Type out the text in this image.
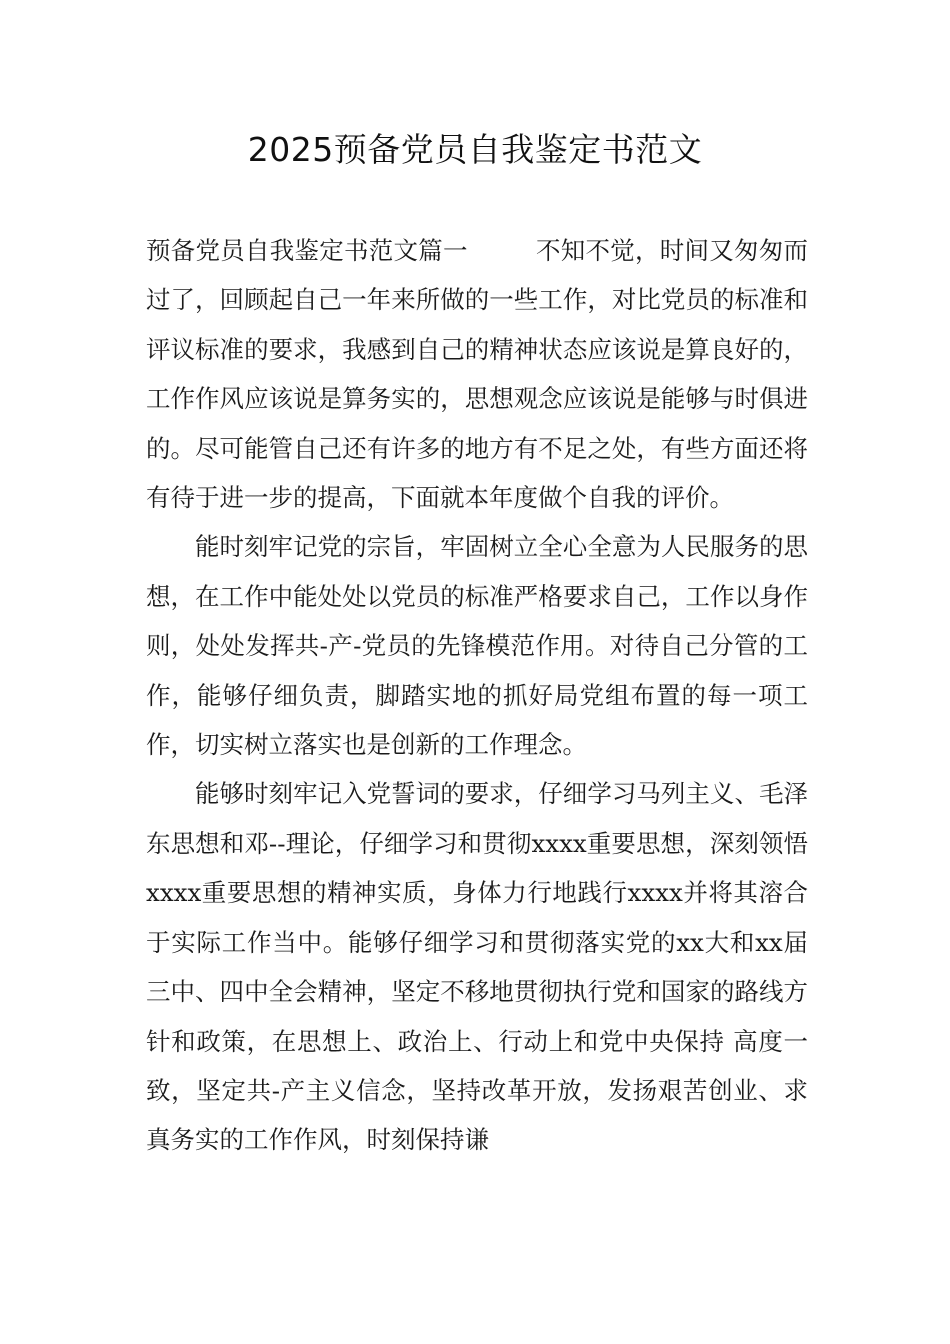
2025预备党员自我鉴定书范文

预备党员自我鉴定书范文篇一	不知不觉，时间又匆匆而过了，回顾起自己一年来所做的一些工作，对比党员的标准和评议标准的要求，我感到自己的精神状态应该说是算良好的，工作作风应该说是算务实的，思想观念应该说是能够与时俱进的。尽可能管自己还有许多的地方有不足之处，有些方面还将有待于进一步的提高，下面就本年度做个自我的评价。

能时刻牢记党的宗旨，牢固树立全心全意为人民服务的思想，在工作中能处处以党员的标准严格要求自己，工作以身作则，处处发挥共-产-党员的先锋模范作用。对待自己分管的工作，能够仔细负责，脚踏实地的抓好局党组布置的每一项工作，切实树立落实也是创新的工作理念。

能够时刻牢记入党誓词的要求，仔细学习马列主义、毛泽东思想和邓--理论，仔细学习和贯彻xxxx重要思想，深刻领悟xxxx重要思想的精神实质，身体力行地践行xxxx并将其溶合于实际工作当中。能够仔细学习和贯彻落实党的xx大和xx届三中、四中全会精神，坚定不移地贯彻执行党和国家的路线方针和政策，在思想上、政治上、行动上和党中央保持 高度一致，坚定共-产主义信念，坚持改革开放，发扬艰苦创业、求真务实的工作作风，时刻保持谦
